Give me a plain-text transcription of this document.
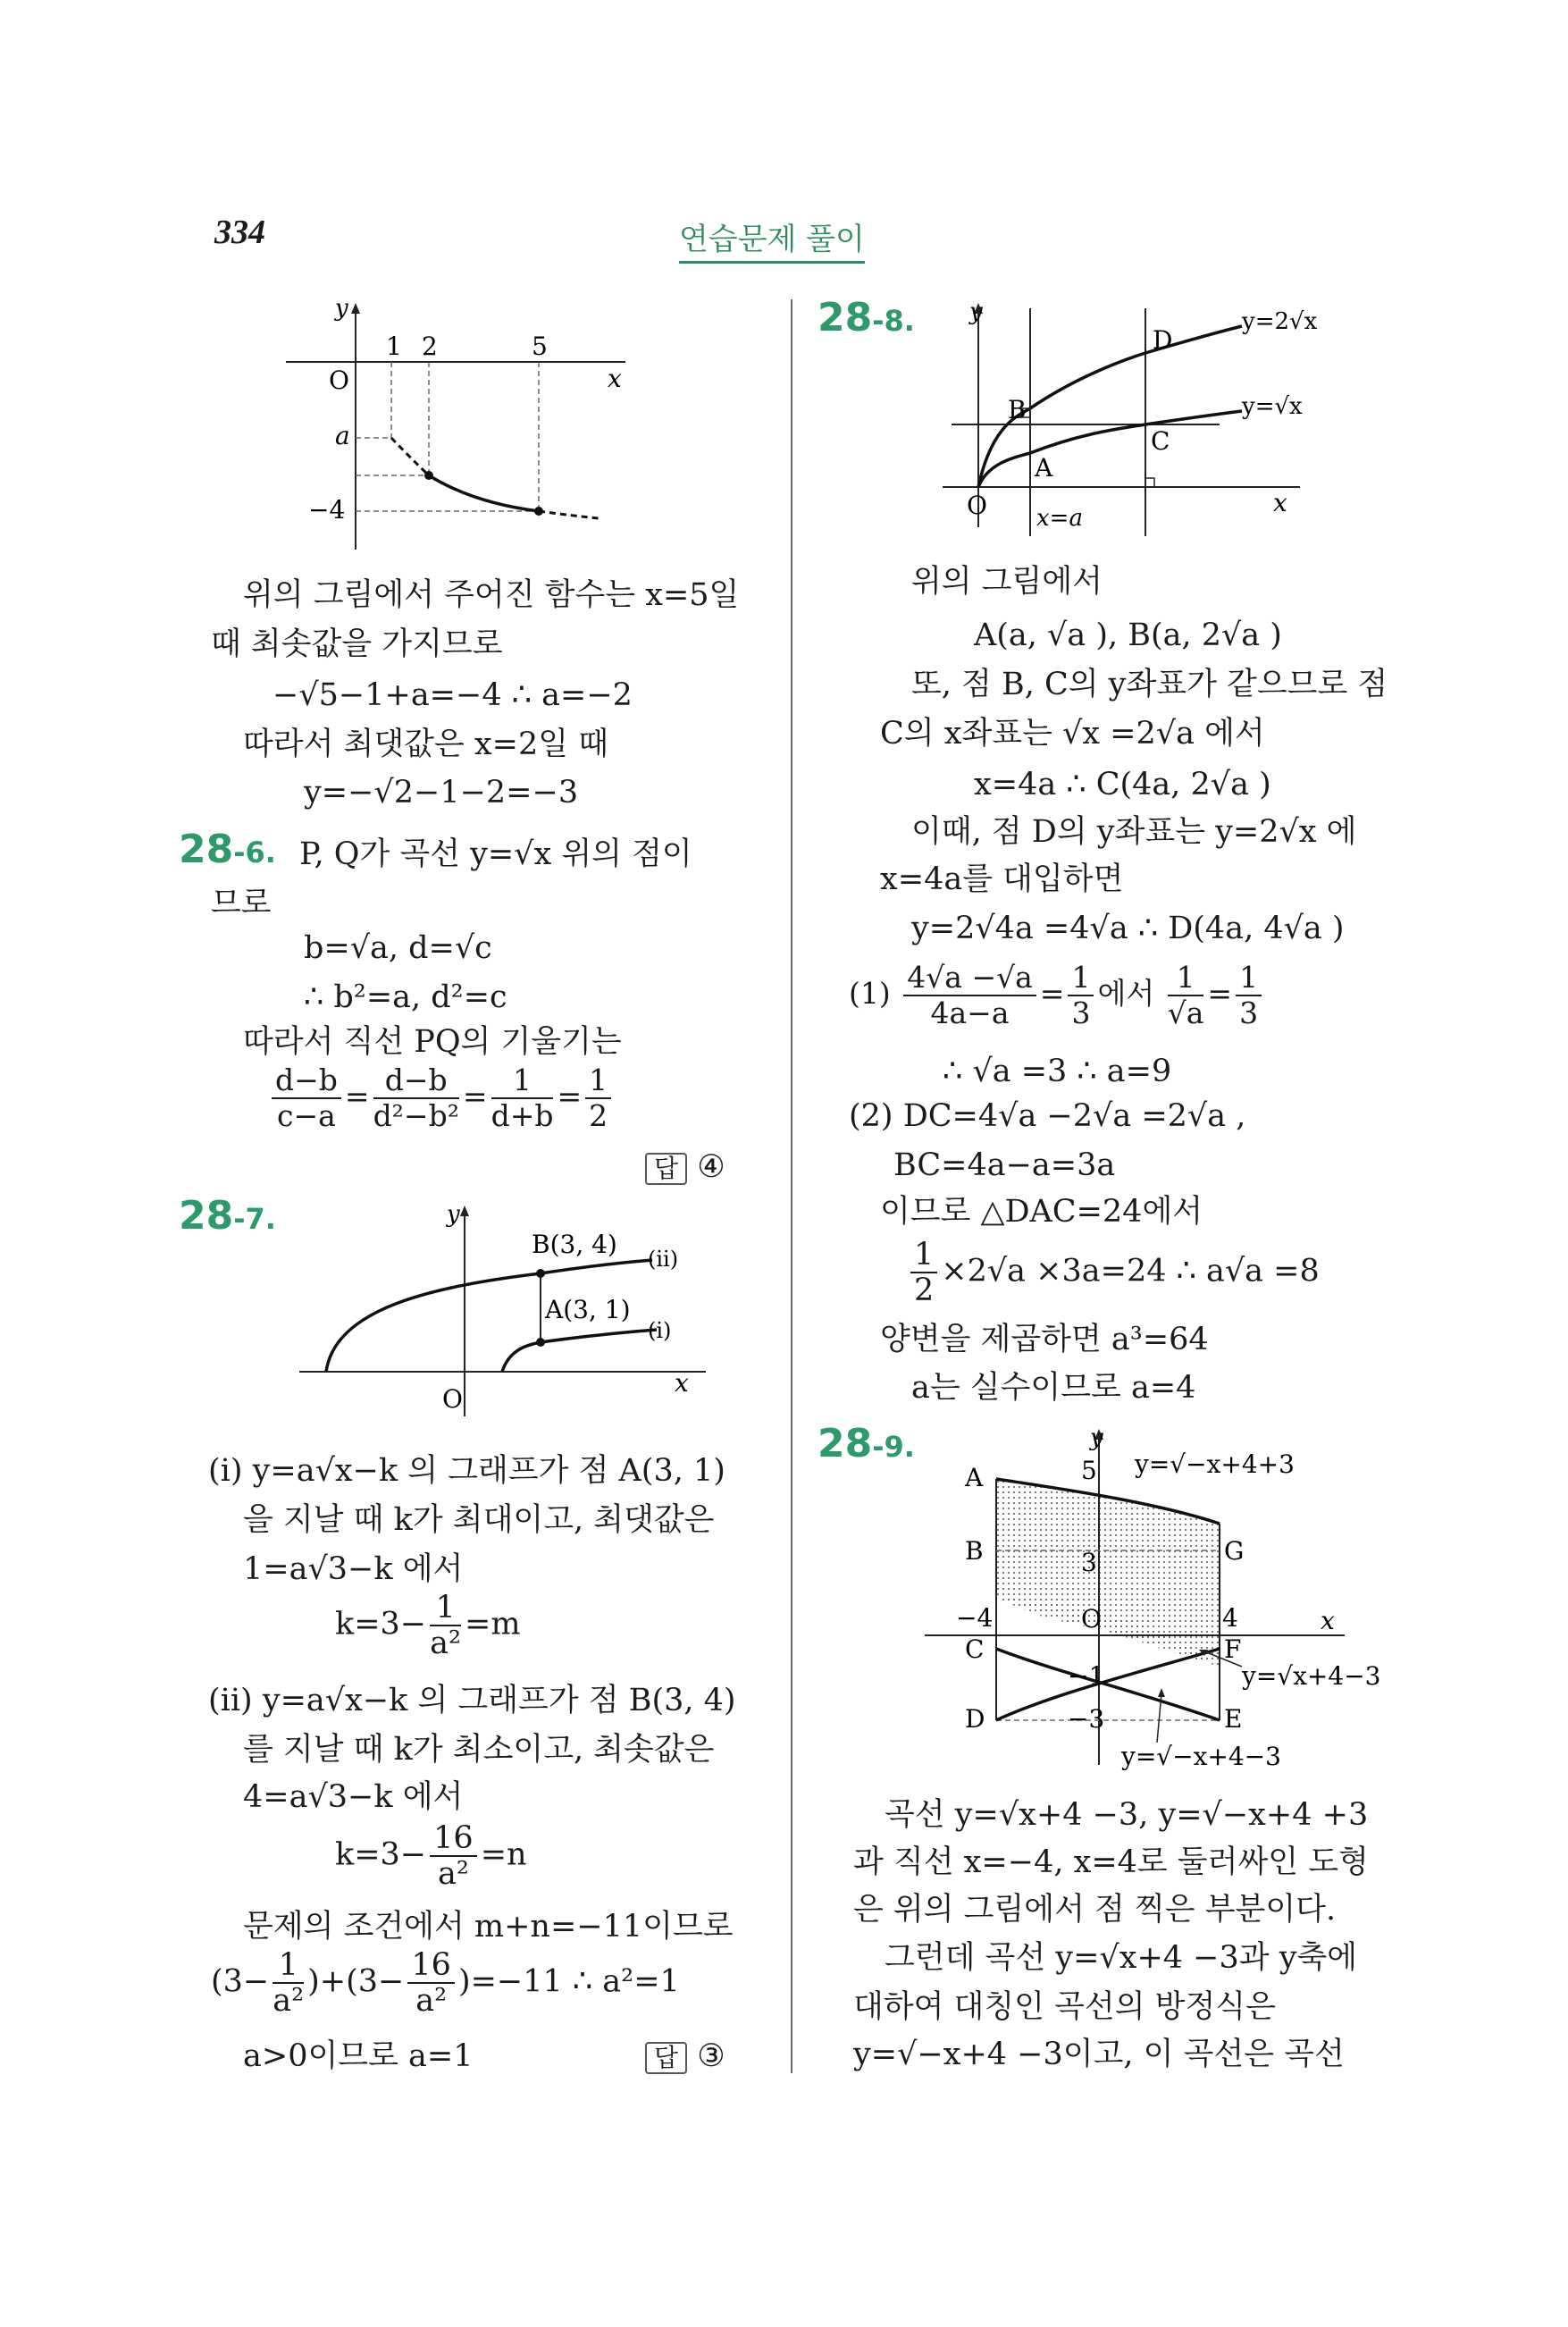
334	연습문제 풀이
y
O	x
1 2	5
a
−4
위의 그림에서 주어진 함수는 x=5일
때 최솟값을 가지므로
−√5−1+a=−4 ∴ a=−2
따라서 최댓값은 x=2일 때
y=−√2−1−2=−3
28-6. P, Q가 곡선 y=√x 위의 점이
므로
b=√a, d=√c
∴ b²=a, d²=c
따라서 직선 PQ의 기울기는
$\frac{d-b}{c-a} = \frac{d-b}{\text{d²−b²}} = \frac{1}{d+b} = \frac{1}{2}$
답 ④
28-7.	y
O
x
B(3, 4)
A(3, 1)
(ii)
(i)
(i) y=a√x−k 의 그래프가 점 A(3, 1)
을 지날 때 k가 최대이고, 최댓값은
1=a√3−k 에서
$k=3- \frac{1}{\text{a²}} =m$
(ii) y=a√x−k 의 그래프가 점 B(3, 4)
를 지날 때 k가 최소이고, 최솟값은
4=a√3−k 에서
$k=3- \frac{16}{\text{a²}} =n$
문제의 조건에서 m+n=−11이므로
$(3- \frac{1}{\text{a²}} )+(3- \frac{16}{\text{a²}} )=-11$ ∴ a²=1
a>0이므로 a=1	답 ③
28-8. y
O	x
D
B
C
A
y=2√x
y=√x
x=a
위의 그림에서
A(a, √a ), B(a, 2√a )
또, 점 B, C의 y좌표가 같으므로 점
C의 x좌표는 √x =2√a 에서
x=4a ∴ C(4a, 2√a )
이때, 점 D의 y좌표는 y=2√x 에
x=4a를 대입하면
y=2√4a =4√a ∴ D(4a, 4√a )
$(1) \frac{4√a -√a}{4a-a} = \frac{1}{3}$ 에서 $\frac{1}{√a} = \frac{1}{3}$
∴ √a =3 ∴ a=9
(2) DC=4√a −2√a =2√a ,
BC=4a−a=3a
이므로 △DAC=24에서
$\frac{1}{2} \times 2√a \times 3a=24$ ∴ a√a =8
양변을 제곱하면 a³=64
a는 실수이므로 a=4
28-9.	y
x
O
A
B
C
D	E
F
G
5
3
−4	4
−1
−3
y=√−x+4+3
y=√x+4−3
y=√−x+4−3
곡선 y=√x+4 −3, y=√−x+4 +3
과 직선 x=−4, x=4로 둘러싸인 도형
은 위의 그림에서 점 찍은 부분이다.
그런데 곡선 y=√x+4 −3과 y축에
대하여 대칭인 곡선의 방정식은
y=√−x+4 −3이고, 이 곡선은 곡선
